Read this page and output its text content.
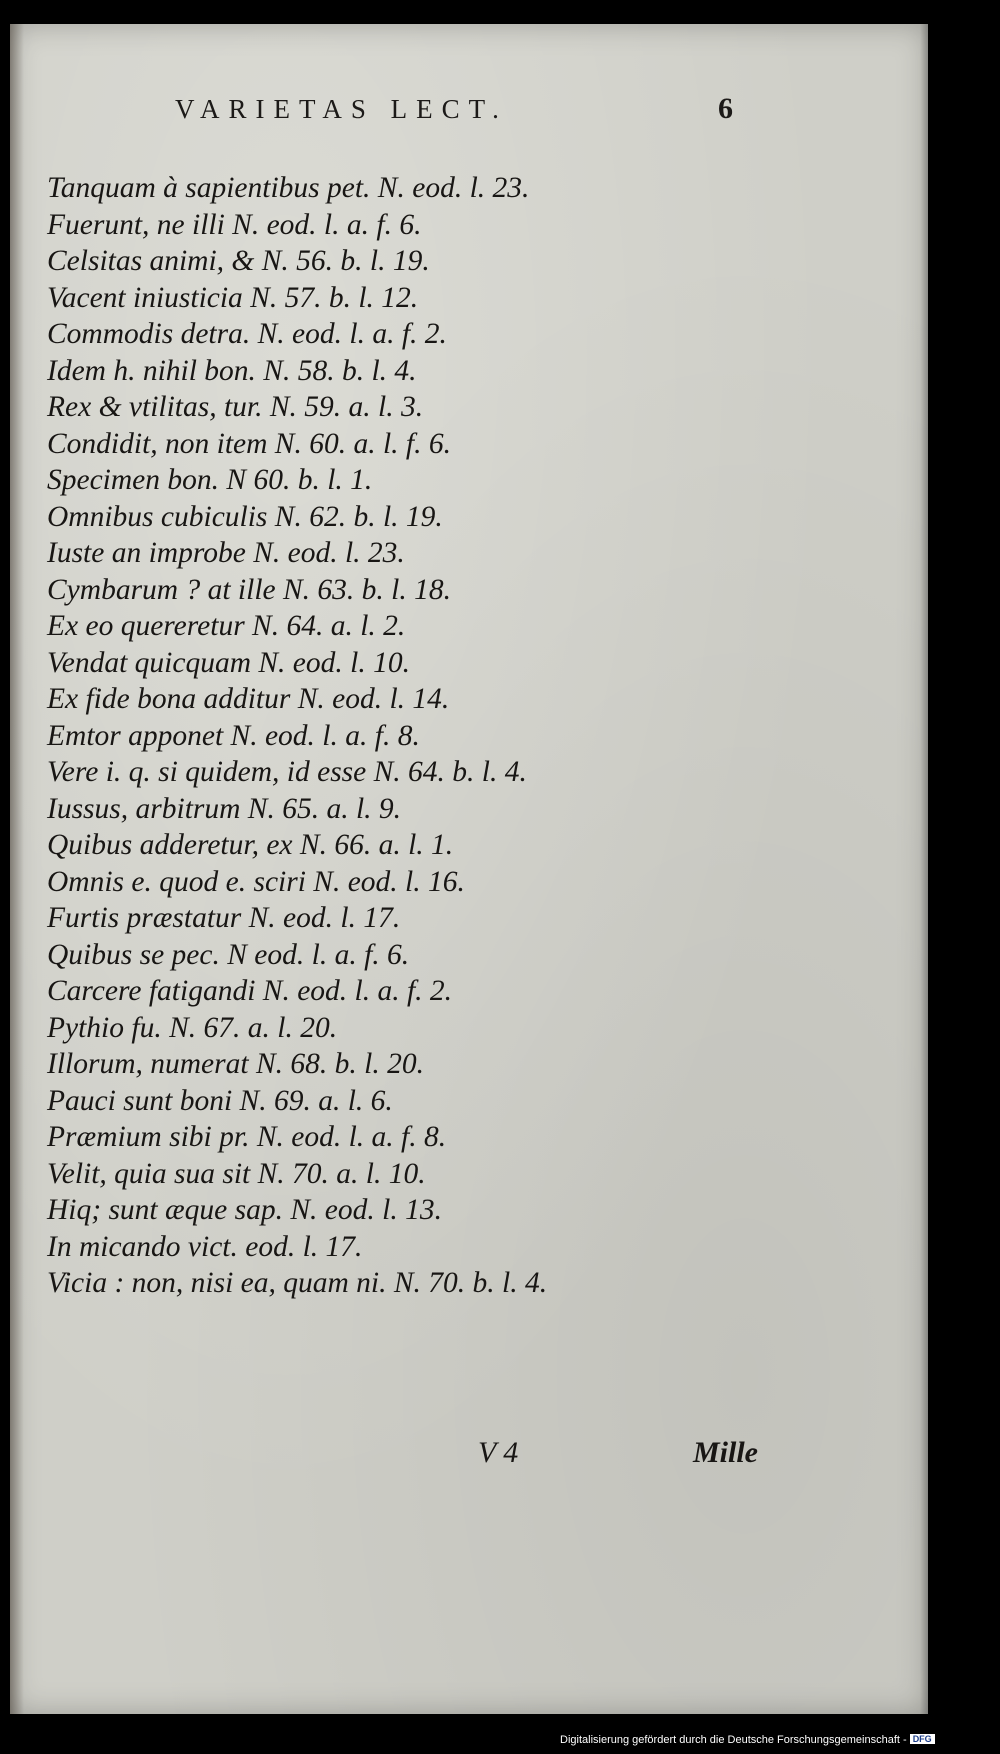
VARIETAS LECT.	6
Tanquam à sapientibus pet. N. eod. l. 23.
Fuerunt, ne illi N. eod. l. a. f. 6.
Celsitas animi, & N. 56. b. l. 19.
Vacent iniusticia N. 57. b. l. 12.
Commodis detra. N. eod. l. a. f. 2.
Idem h. nihil bon. N. 58. b. l. 4.
Rex & vtilitas, tur. N. 59. a. l. 3.
Condidit, non item N. 60. a. l. f. 6.
Specimen bon. N 60. b. l. 1.
Omnibus cubiculis N. 62. b. l. 19.
Iuste an improbe N. eod. l. 23.
Cymbarum ? at ille N. 63. b. l. 18.
Ex eo quereretur N. 64. a. l. 2.
Vendat quicquam N. eod. l. 10.
Ex fide bona additur N. eod. l. 14.
Emtor apponet N. eod. l. a. f. 8.
Vere i. q. si quidem, id esse N. 64. b. l. 4.
Iussus, arbitrum N. 65. a. l. 9.
Quibus adderetur, ex N. 66. a. l. 1.
Omnis e. quod e. sciri N. eod. l. 16.
Furtis præstatur N. eod. l. 17.
Quibus se pec. N eod. l. a. f. 6.
Carcere fatigandi N. eod. l. a. f. 2.
Pythio fu. N. 67. a. l. 20.
Illorum, numerat N. 68. b. l. 20.
Pauci sunt boni N. 69. a. l. 6.
Præmium sibi pr. N. eod. l. a. f. 8.
Velit, quia sua sit N. 70. a. l. 10.
Hiq; sunt æque sap. N. eod. l. 13.
In micando vict. eod. l. 17.
Vicia : non, nisi ea, quam ni. N. 70. b. l. 4.
V 4	Mille
Digitalisierung gefördert durch die Deutsche Forschungsgemeinschaft - DFG
